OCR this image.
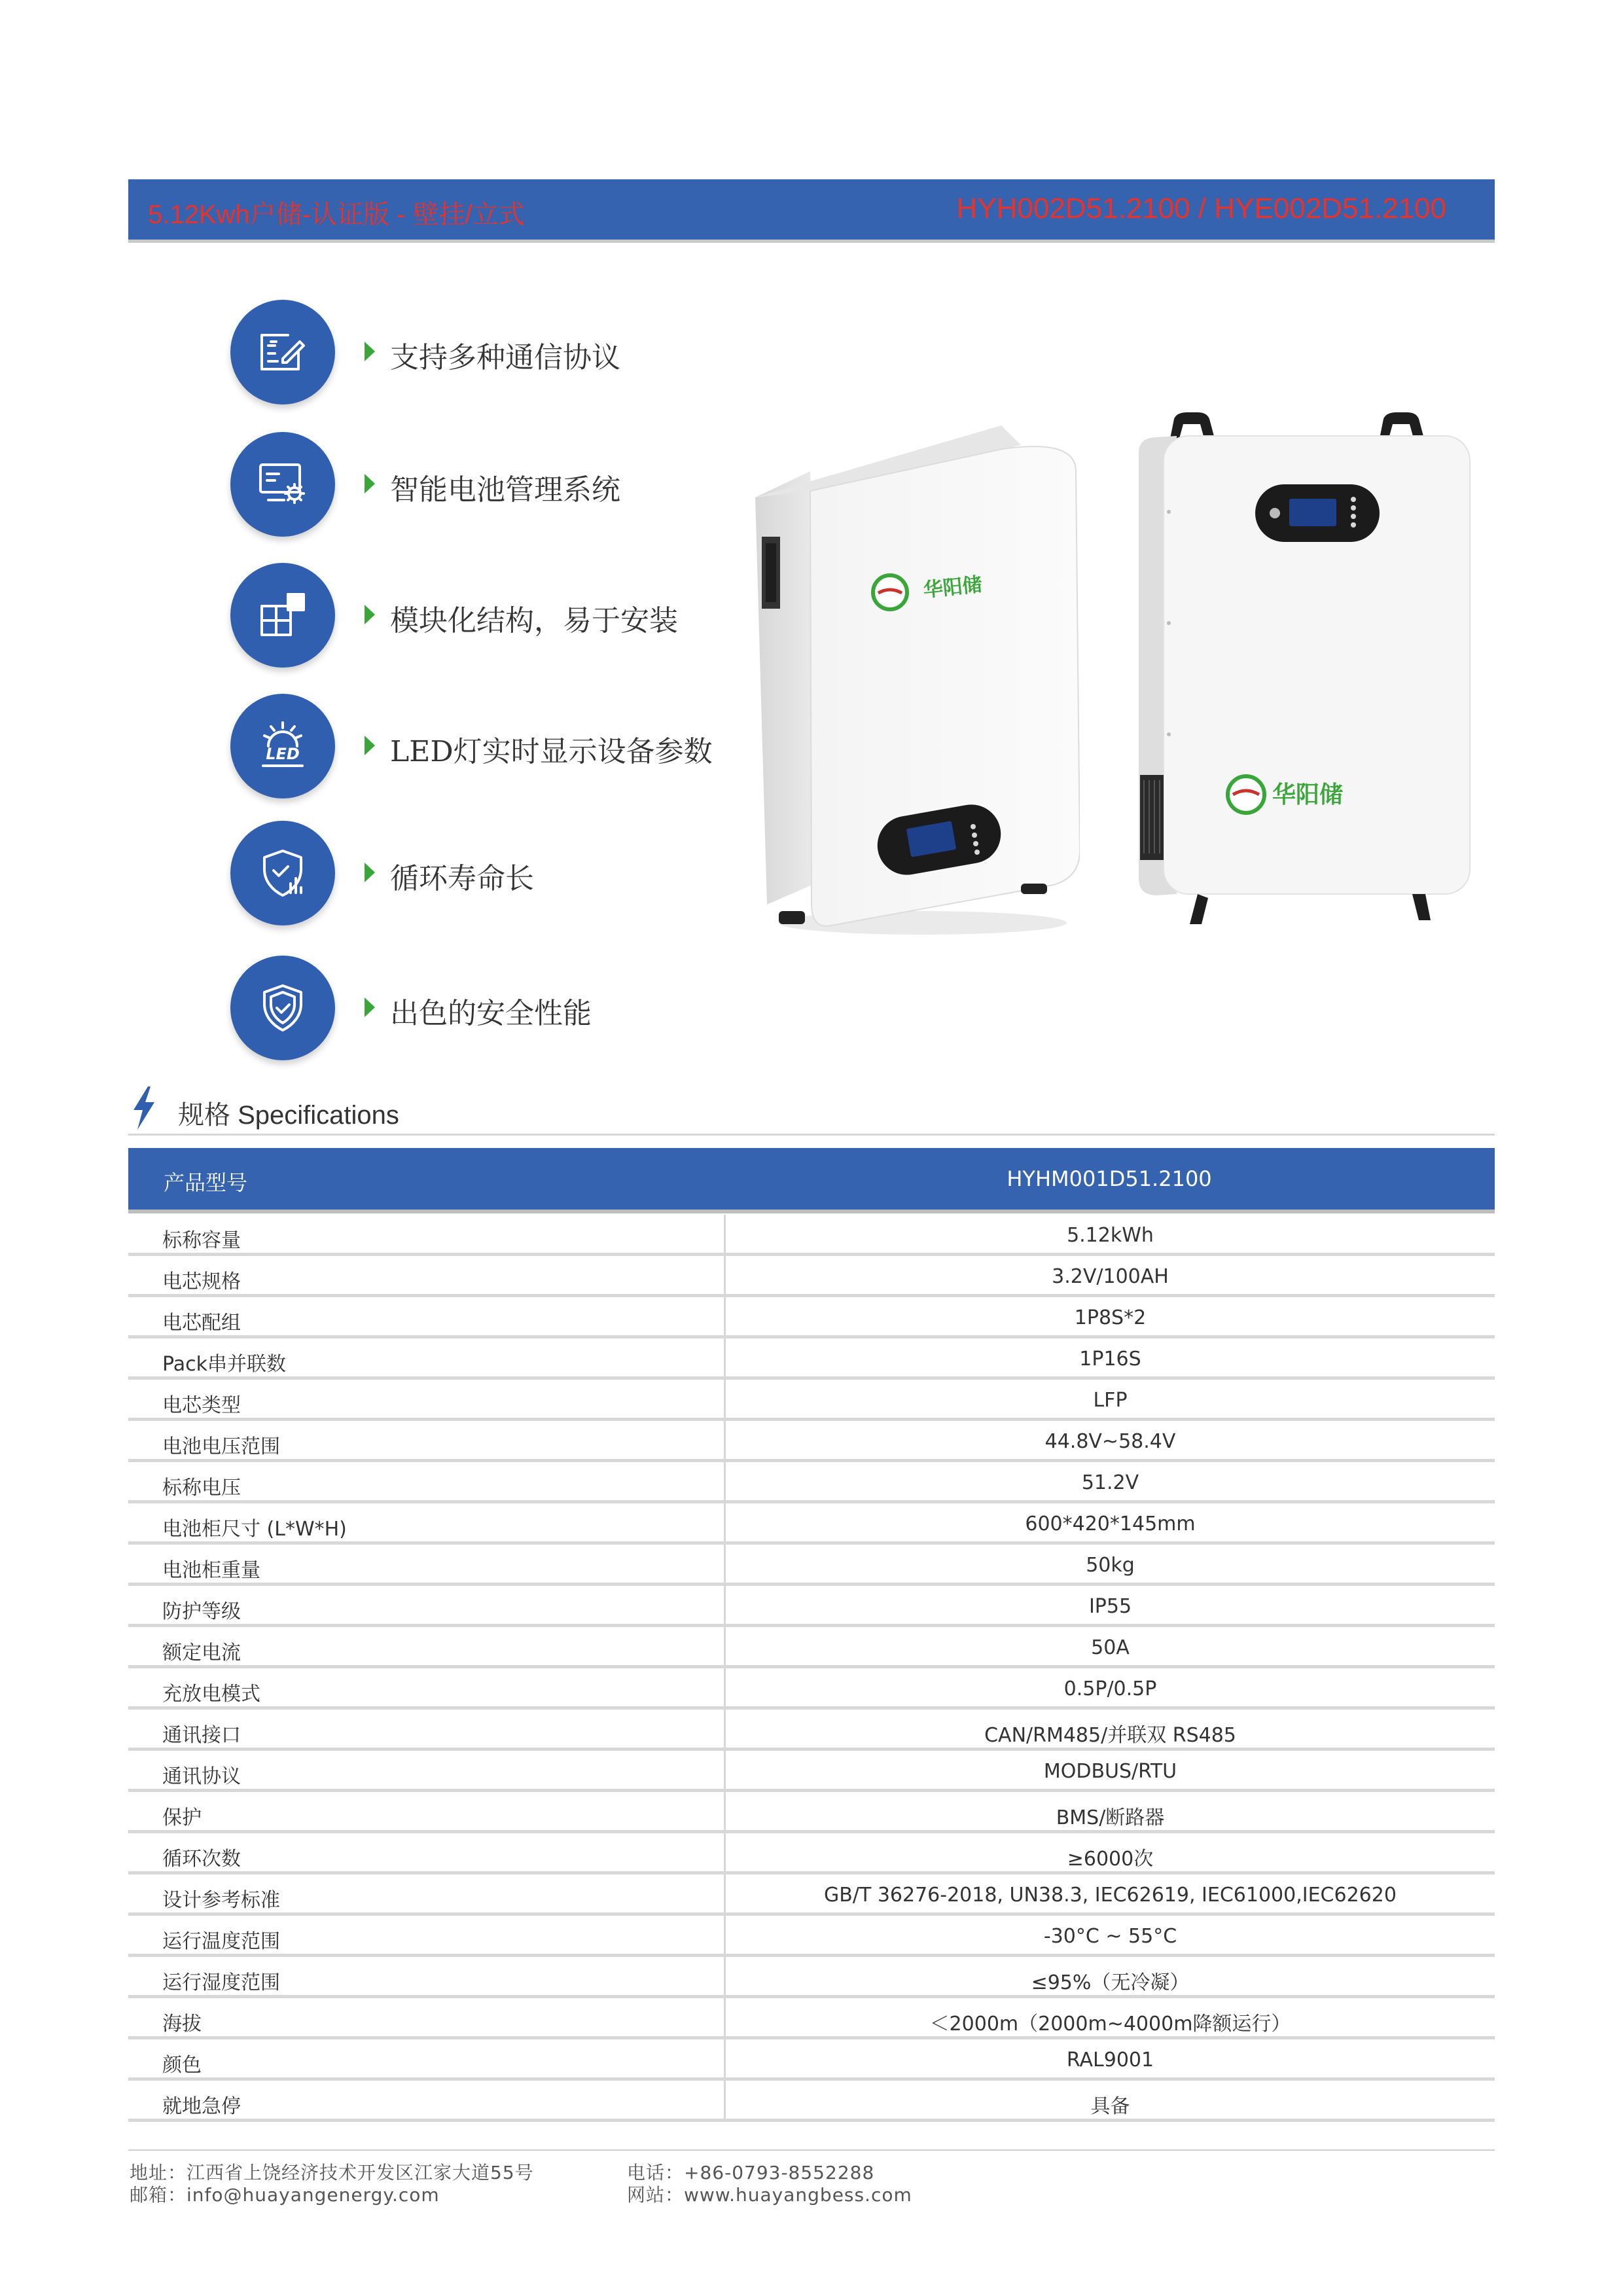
5.12Kwh户储-认证版 - 壁挂/立式	HYH002D51.2100 / HYE002D51.2100
支持多种通信协议
智能电池管理系统
模块化结构，易于安装
LED	LED灯实时显示设备参数
循环寿命长
出色的安全性能
华阳储
华阳储
规格 Specifications
产品型号	HYHM001D51.2100
标称容量	5.12kWh
电芯规格	3.2V/100AH
电芯配组	1P8S*2
Pack串并联数	1P16S
电芯类型	LFP
电池电压范围	44.8V~58.4V
标称电压	51.2V
电池柜尺寸 (L*W*H)	600*420*145mm
电池柜重量	50kg
防护等级	IP55
额定电流	50A
充放电模式	0.5P/0.5P
通讯接口	CAN/RM485/并联双 RS485
通讯协议	MODBUS/RTU
保护	BMS/断路器
循环次数	≥6000次
设计参考标准	GB/T 36276-2018, UN38.3, IEC62619, IEC61000,IEC62620
运行温度范围	-30°C ~ 55°C
运行湿度范围	≤95%（无冷凝）
海拔	＜2000m（2000m~4000m降额运行）
颜色	RAL9001
就地急停	具备
地址：江西省上饶经济技术开发区江家大道55号
邮箱：info@huayangenergy.com
电话：+86-0793-8552288
网站：www.huayangbess.com
